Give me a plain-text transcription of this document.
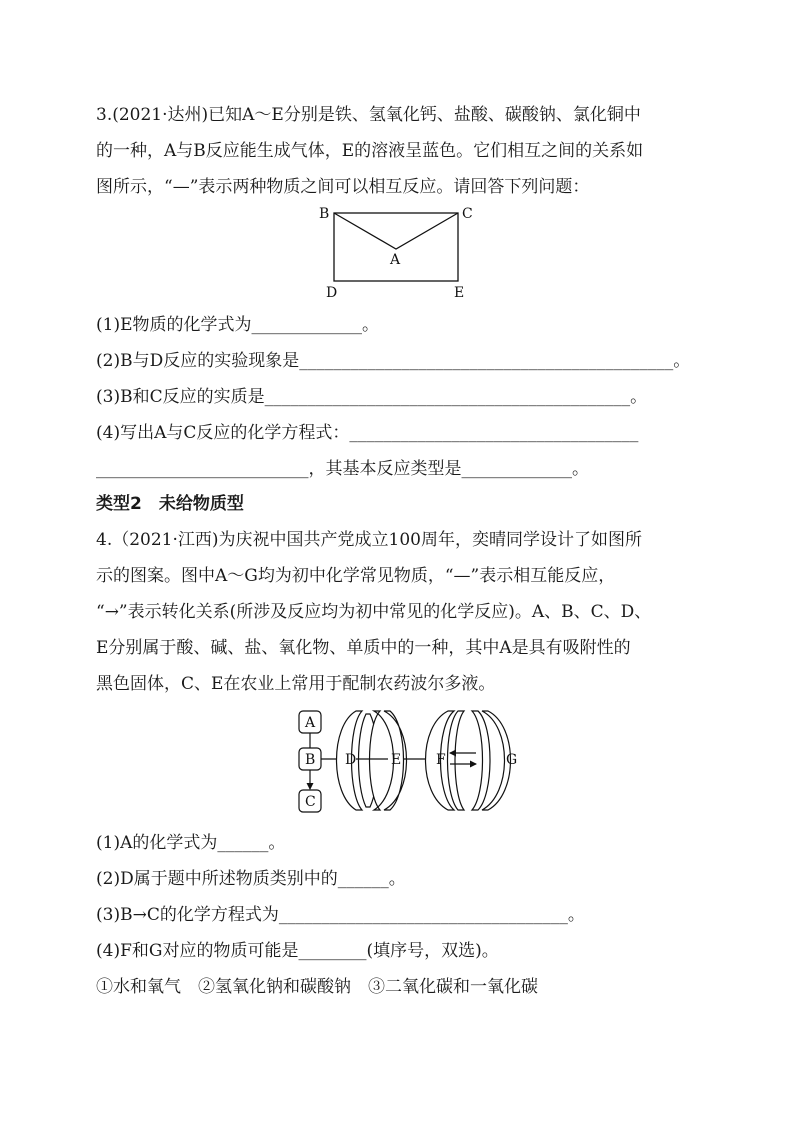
3.(2021·达州)已知A～E分别是铁、氢氧化钙、盐酸、碳酸钠、氯化铜中
的一种，A与B反应能生成气体，E的溶液呈蓝色。它们相互之间的关系如
图所示，“—”表示两种物质之间可以相互反应。请回答下列问题：
B	C
A
D	E
(1)E物质的化学式为_____________。
(2)B与D反应的实验现象是____________________________________________。
(3)B和C反应的实质是___________________________________________。
(4)写出A与C反应的化学方程式：__________________________________
_________________________，其基本反应类型是_____________。
类型2　未给物质型
4.（2021·江西)为庆祝中国共产党成立100周年，奕晴同学设计了如图所
示的图案。图中A～G均为初中化学常见物质，“—”表示相互能反应，
“→”表示转化关系(所涉及反应均为初中常见的化学反应)。A、B、C、D、
E分别属于酸、碱、盐、氧化物、单质中的一种，其中A是具有吸附性的
黑色固体，C、E在农业上常用于配制农药波尔多液。
A
B
C
D E F	G
(1)A的化学式为______。
(2)D属于题中所述物质类别中的______。
(3)B→C的化学方程式为__________________________________。
(4)F和G对应的物质可能是________(填序号，双选)。
①水和氧气　②氢氧化钠和碳酸钠　③二氧化碳和一氧化碳
